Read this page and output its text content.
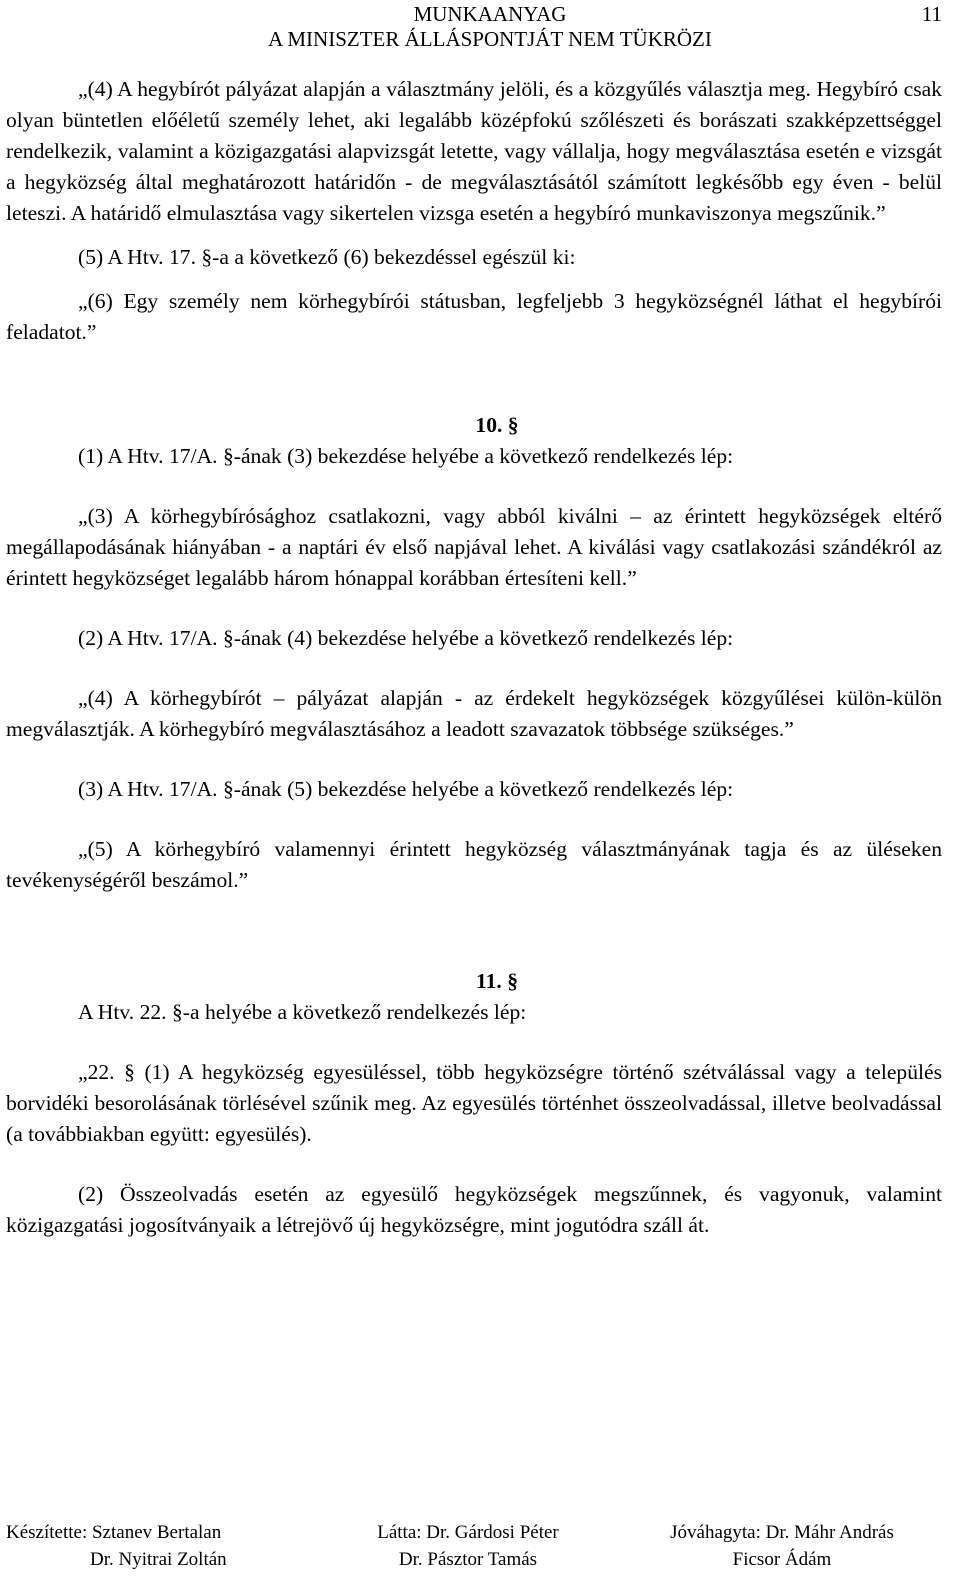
MUNKAANYAG
A MINISZTER ÁLLÁSPONTJÁT NEM TÜKRÖZI
11

„(4) A hegybírót pályázat alapján a választmány jelöli, és a közgyűlés választja meg. Hegybíró csak olyan büntetlen előéletű személy lehet, aki legalább középfokú szőlészeti és borászati szakképzettséggel rendelkezik, valamint a közigazgatási alapvizsgát letette, vagy vállalja, hogy megválasztása esetén e vizsgát a hegyközség által meghatározott határidőn - de megválasztásától számított legkésőbb egy éven - belül leteszi. A határidő elmulasztása vagy sikertelen vizsga esetén a hegybíró munkaviszonya megszűnik.”

(5) A Htv. 17. §-a a következő (6) bekezdéssel egészül ki:

„(6) Egy személy nem körhegybírói státusban, legfeljebb 3 hegyközségnél láthat el hegybírói feladatot.”

10. §

(1) A Htv. 17/A. §-ának (3) bekezdése helyébe a következő rendelkezés lép:

„(3) A körhegybírósághoz csatlakozni, vagy abból kiválni – az érintett hegyközségek eltérő megállapodásának hiányában - a naptári év első napjával lehet. A kiválási vagy csatlakozási szándékról az érintett hegyközséget legalább három hónappal korábban értesíteni kell.”

(2) A Htv. 17/A. §-ának (4) bekezdése helyébe a következő rendelkezés lép:

„(4) A körhegybírót – pályázat alapján - az érdekelt hegyközségek közgyűlései külön-külön megválasztják. A körhegybíró megválasztásához a leadott szavazatok többsége szükséges.”

(3) A Htv. 17/A. §-ának (5) bekezdése helyébe a következő rendelkezés lép:

„(5) A körhegybíró valamennyi érintett hegyközség választmányának tagja és az üléseken tevékenységéről beszámol.”

11. §

A Htv. 22. §-a helyébe a következő rendelkezés lép:

„22. § (1) A hegyközség egyesüléssel, több hegyközségre történő szétválással vagy a település borvidéki besorolásának törlésével szűnik meg. Az egyesülés történhet összeolvadással, illetve beolvadással (a továbbiakban együtt: egyesülés).

(2) Összeolvadás esetén az egyesülő hegyközségek megszűnnek, és vagyonuk, valamint közigazgatási jogosítványaik a létrejövő új hegyközségre, mint jogutódra száll át.

Készítette: Sztanev Bertalan
Dr. Nyitrai Zoltán
Látta: Dr. Gárdosi Péter
Dr. Pásztor Tamás
Jóváhagyta: Dr. Máhr András
Ficsor Ádám
